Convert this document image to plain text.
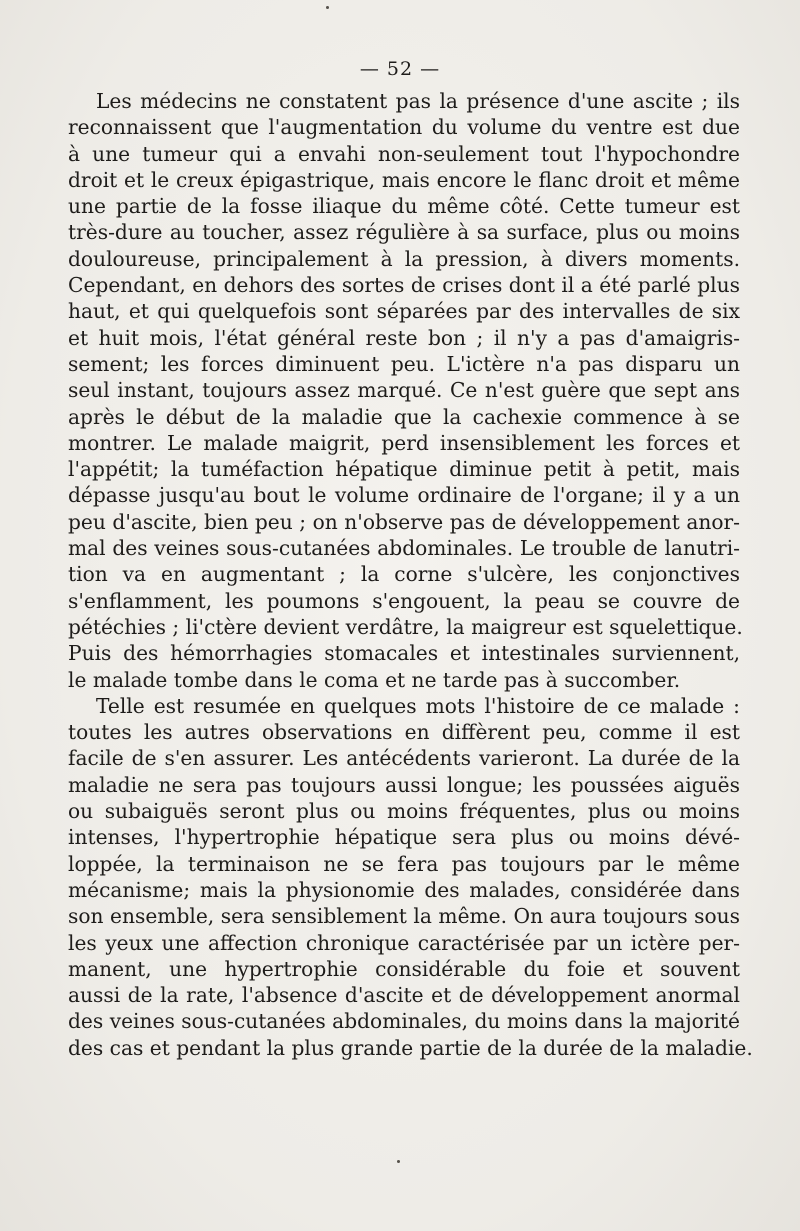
— 52 —
Les médecins ne constatent pas la présence d'une ascite ; ils
reconnaissent que l'augmentation du volume du ventre est due
à une tumeur qui a envahi non-seulement tout l'hypochondre
droit et le creux épigastrique, mais encore le flanc droit et même
une partie de la fosse iliaque du même côté. Cette tumeur est
très-dure au toucher, assez régulière à sa surface, plus ou moins
douloureuse, principalement à la pression, à divers moments.
Cependant, en dehors des sortes de crises dont il a été parlé plus
haut, et qui quelquefois sont séparées par des intervalles de six
et huit mois, l'état général reste bon ; il n'y a pas d'amaigris-
sement; les forces diminuent peu. L'ictère n'a pas disparu un
seul instant, toujours assez marqué. Ce n'est guère que sept ans
après le début de la maladie que la cachexie commence à se
montrer. Le malade maigrit, perd insensiblement les forces et
l'appétit; la tuméfaction hépatique diminue petit à petit, mais
dépasse jusqu'au bout le volume ordinaire de l'organe; il y a un
peu d'ascite, bien peu ; on n'observe pas de développement anor-
mal des veines sous-cutanées abdominales. Le trouble de lanutri-
tion va en augmentant ; la corne s'ulcère, les conjonctives
s'enflamment, les poumons s'engouent, la peau se couvre de
pétéchies ; li'ctère devient verdâtre, la maigreur est squelettique.
Puis des hémorrhagies stomacales et intestinales surviennent,
le malade tombe dans le coma et ne tarde pas à succomber.
Telle est resumée en quelques mots l'histoire de ce malade :
toutes les autres observations en diffèrent peu, comme il est
facile de s'en assurer. Les antécédents varieront. La durée de la
maladie ne sera pas toujours aussi longue; les poussées aiguës
ou subaiguës seront plus ou moins fréquentes, plus ou moins
intenses, l'hypertrophie hépatique sera plus ou moins dévé-
loppée, la terminaison ne se fera pas toujours par le même
mécanisme; mais la physionomie des malades, considérée dans
son ensemble, sera sensiblement la même. On aura toujours sous
les yeux une affection chronique caractérisée par un ictère per-
manent, une hypertrophie considérable du foie et souvent
aussi de la rate, l'absence d'ascite et de développement anormal
des veines sous-cutanées abdominales, du moins dans la majorité
des cas et pendant la plus grande partie de la durée de la maladie.
